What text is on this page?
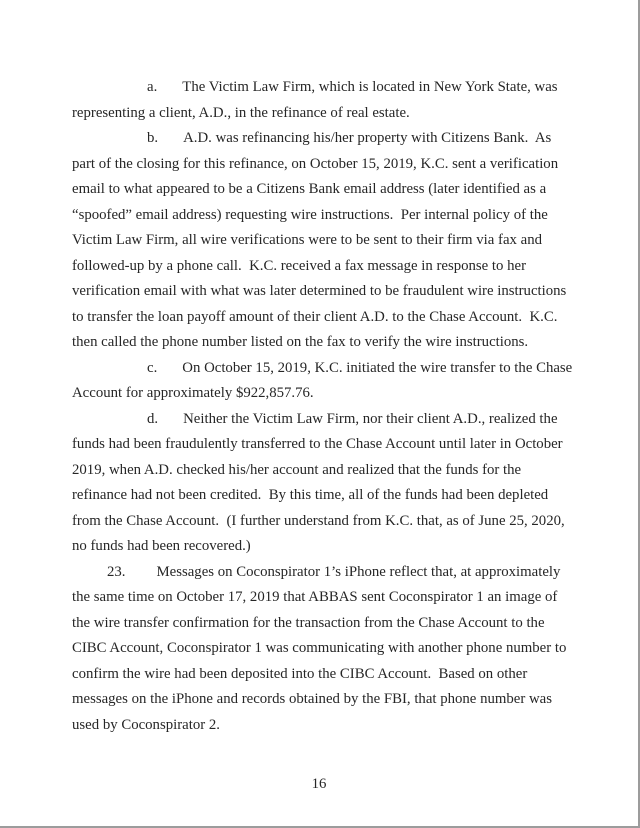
a. The Victim Law Firm, which is located in New York State, was representing a client, A.D., in the refinance of real estate.

b. A.D. was refinancing his/her property with Citizens Bank.  As part of the closing for this refinance, on October 15, 2019, K.C. sent a verification email to what appeared to be a Citizens Bank email address (later identified as a “spoofed” email address) requesting wire instructions.  Per internal policy of the Victim Law Firm, all wire verifications were to be sent to their firm via fax and followed-up by a phone call.  K.C. received a fax message in response to her verification email with what was later determined to be fraudulent wire instructions to transfer the loan payoff amount of their client A.D. to the Chase Account.  K.C. then called the phone number listed on the fax to verify the wire instructions.

c. On October 15, 2019, K.C. initiated the wire transfer to the Chase Account for approximately $922,857.76.

d. Neither the Victim Law Firm, nor their client A.D., realized the funds had been fraudulently transferred to the Chase Account until later in October 2019, when A.D. checked his/her account and realized that the funds for the refinance had not been credited.  By this time, all of the funds had been depleted from the Chase Account.  (I further understand from K.C. that, as of June 25, 2020, no funds had been recovered.)

23. Messages on Coconspirator 1’s iPhone reflect that, at approximately the same time on October 17, 2019 that ABBAS sent Coconspirator 1 an image of the wire transfer confirmation for the transaction from the Chase Account to the CIBC Account, Coconspirator 1 was communicating with another phone number to confirm the wire had been deposited into the CIBC Account.  Based on other messages on the iPhone and records obtained by the FBI, that phone number was used by Coconspirator 2.

16
